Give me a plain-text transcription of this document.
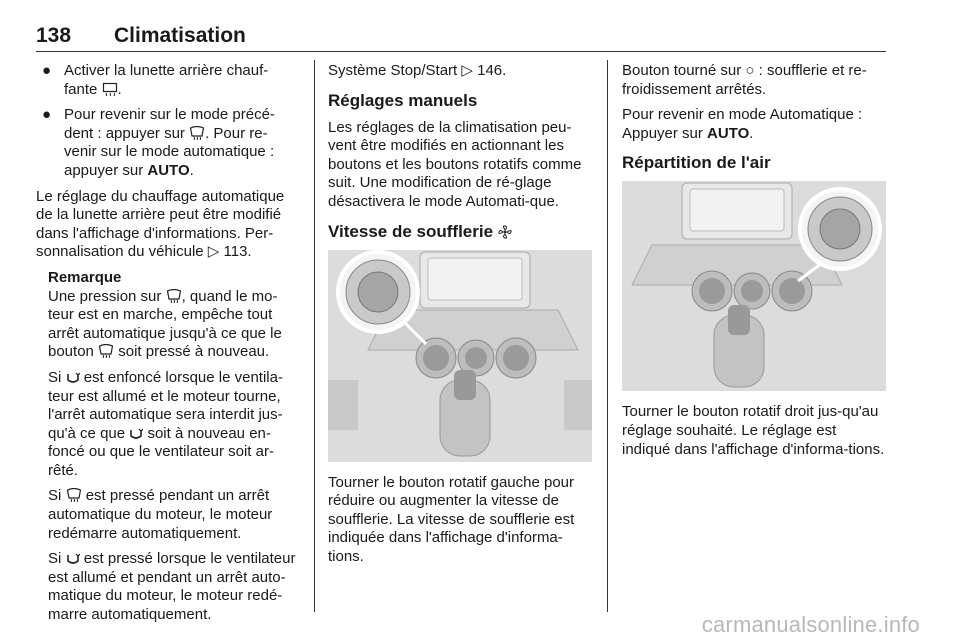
138 Climatisation
● Activer la lunette arrière chauf-
fante .
● Pour revenir sur le mode précé-
dent : appuyer sur . Pour re-
venir sur le mode automatique :
appuyer sur AUTO.

Le réglage du chauffage automatique de la lunette arrière peut être modifié dans l'affichage d'informations. Per-sonnalisation du véhicule ▷ 113.

Remarque

Une pression sur , quand le mo-teur est en marche, empêche tout arrêt automatique jusqu'à ce que le bouton soit pressé à nouveau.

Si est enfoncé lorsque le ventila-teur est allumé et le moteur tourne, l'arrêt automatique sera interdit jus-qu'à ce que soit à nouveau en-foncé ou que le ventilateur soit ar-rêté.

Si est pressé pendant un arrêt automatique du moteur, le moteur redémarre automatiquement.

Si est pressé lorsque le ventilateur est allumé et pendant un arrêt auto-matique du moteur, le moteur redé-marre automatiquement.

Système Stop/Start ▷ 146.

Réglages manuels

Les réglages de la climatisation peu-vent être modifiés en actionnant les boutons et les boutons rotatifs comme suit. Une modification de ré-glage désactivera le mode Automati-que.

Vitesse de soufflerie

Tourner le bouton rotatif gauche pour réduire ou augmenter la vitesse de soufflerie. La vitesse de soufflerie est indiquée dans l'affichage d'informa-tions.

Bouton tourné sur ○ : soufflerie et re-froidissement arrêtés.

Pour revenir en mode Automatique : Appuyer sur AUTO.

Répartition de l'air

Tourner le bouton rotatif droit jus-qu'au réglage souhaité. Le réglage est indiqué dans l'affichage d'informa-tions.

carmanualsonline.info
